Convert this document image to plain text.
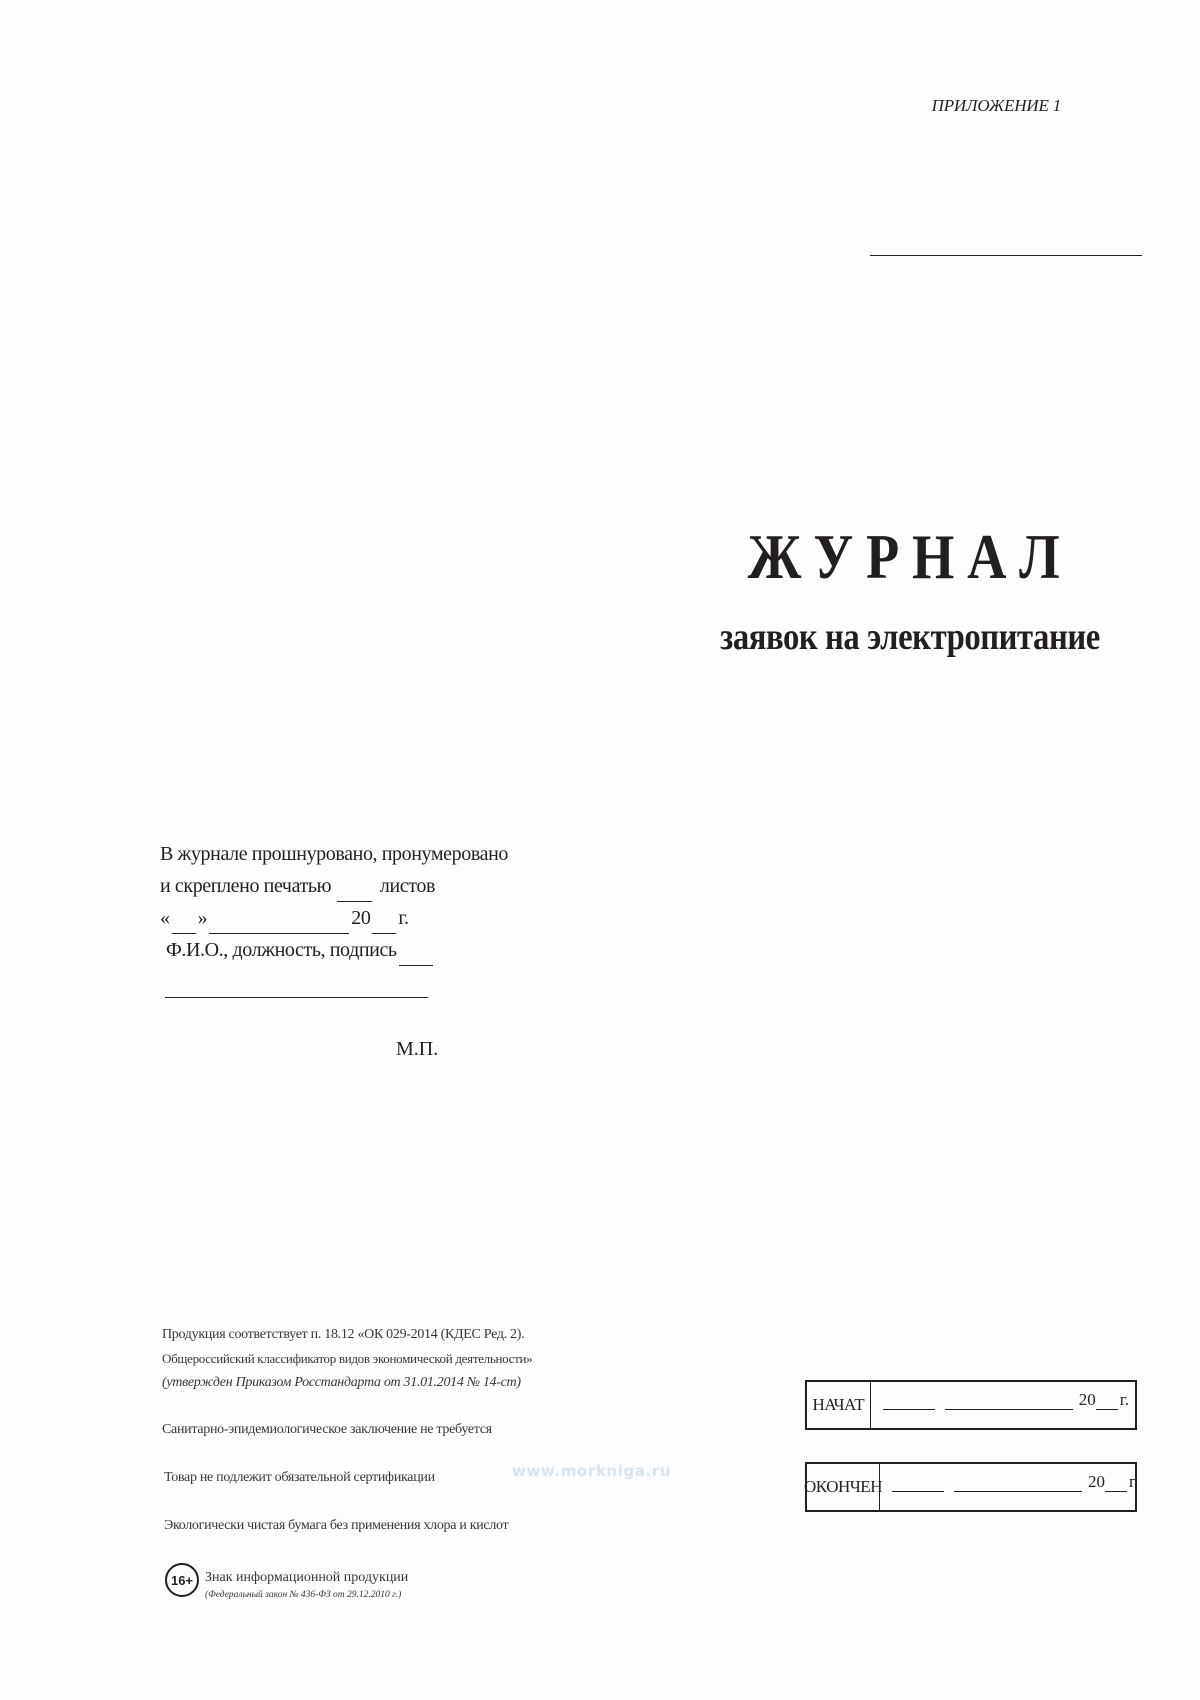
ПРИЛОЖЕНИЕ 1
ЖУРНАЛ
заявок на электропитание
В журнале прошнуровано, пронумеровано
и скреплено печатью листов
« »	20 г.
Ф.И.О., должность, подпись
М.П.
Продукция соответствует п. 18.12 «ОК 029-2014 (КДЕС Ред. 2).
Общероссийский классификатор видов экономической деятельности»
(утвержден Приказом Росстандарта от 31.01.2014 № 14-ст)
Санитарно-эпидемиологическое заключение не требуется
Товар не подлежит обязательной сертификации
Экологически чистая бумага без применения хлора и кислот
16+ Знак информационной продукции
(Федеральный закон № 436-ФЗ от 29.12.2010 г.)
www.morkniga.ru
НАЧАТ	20 г.
ОКОНЧЕН	20 г.
